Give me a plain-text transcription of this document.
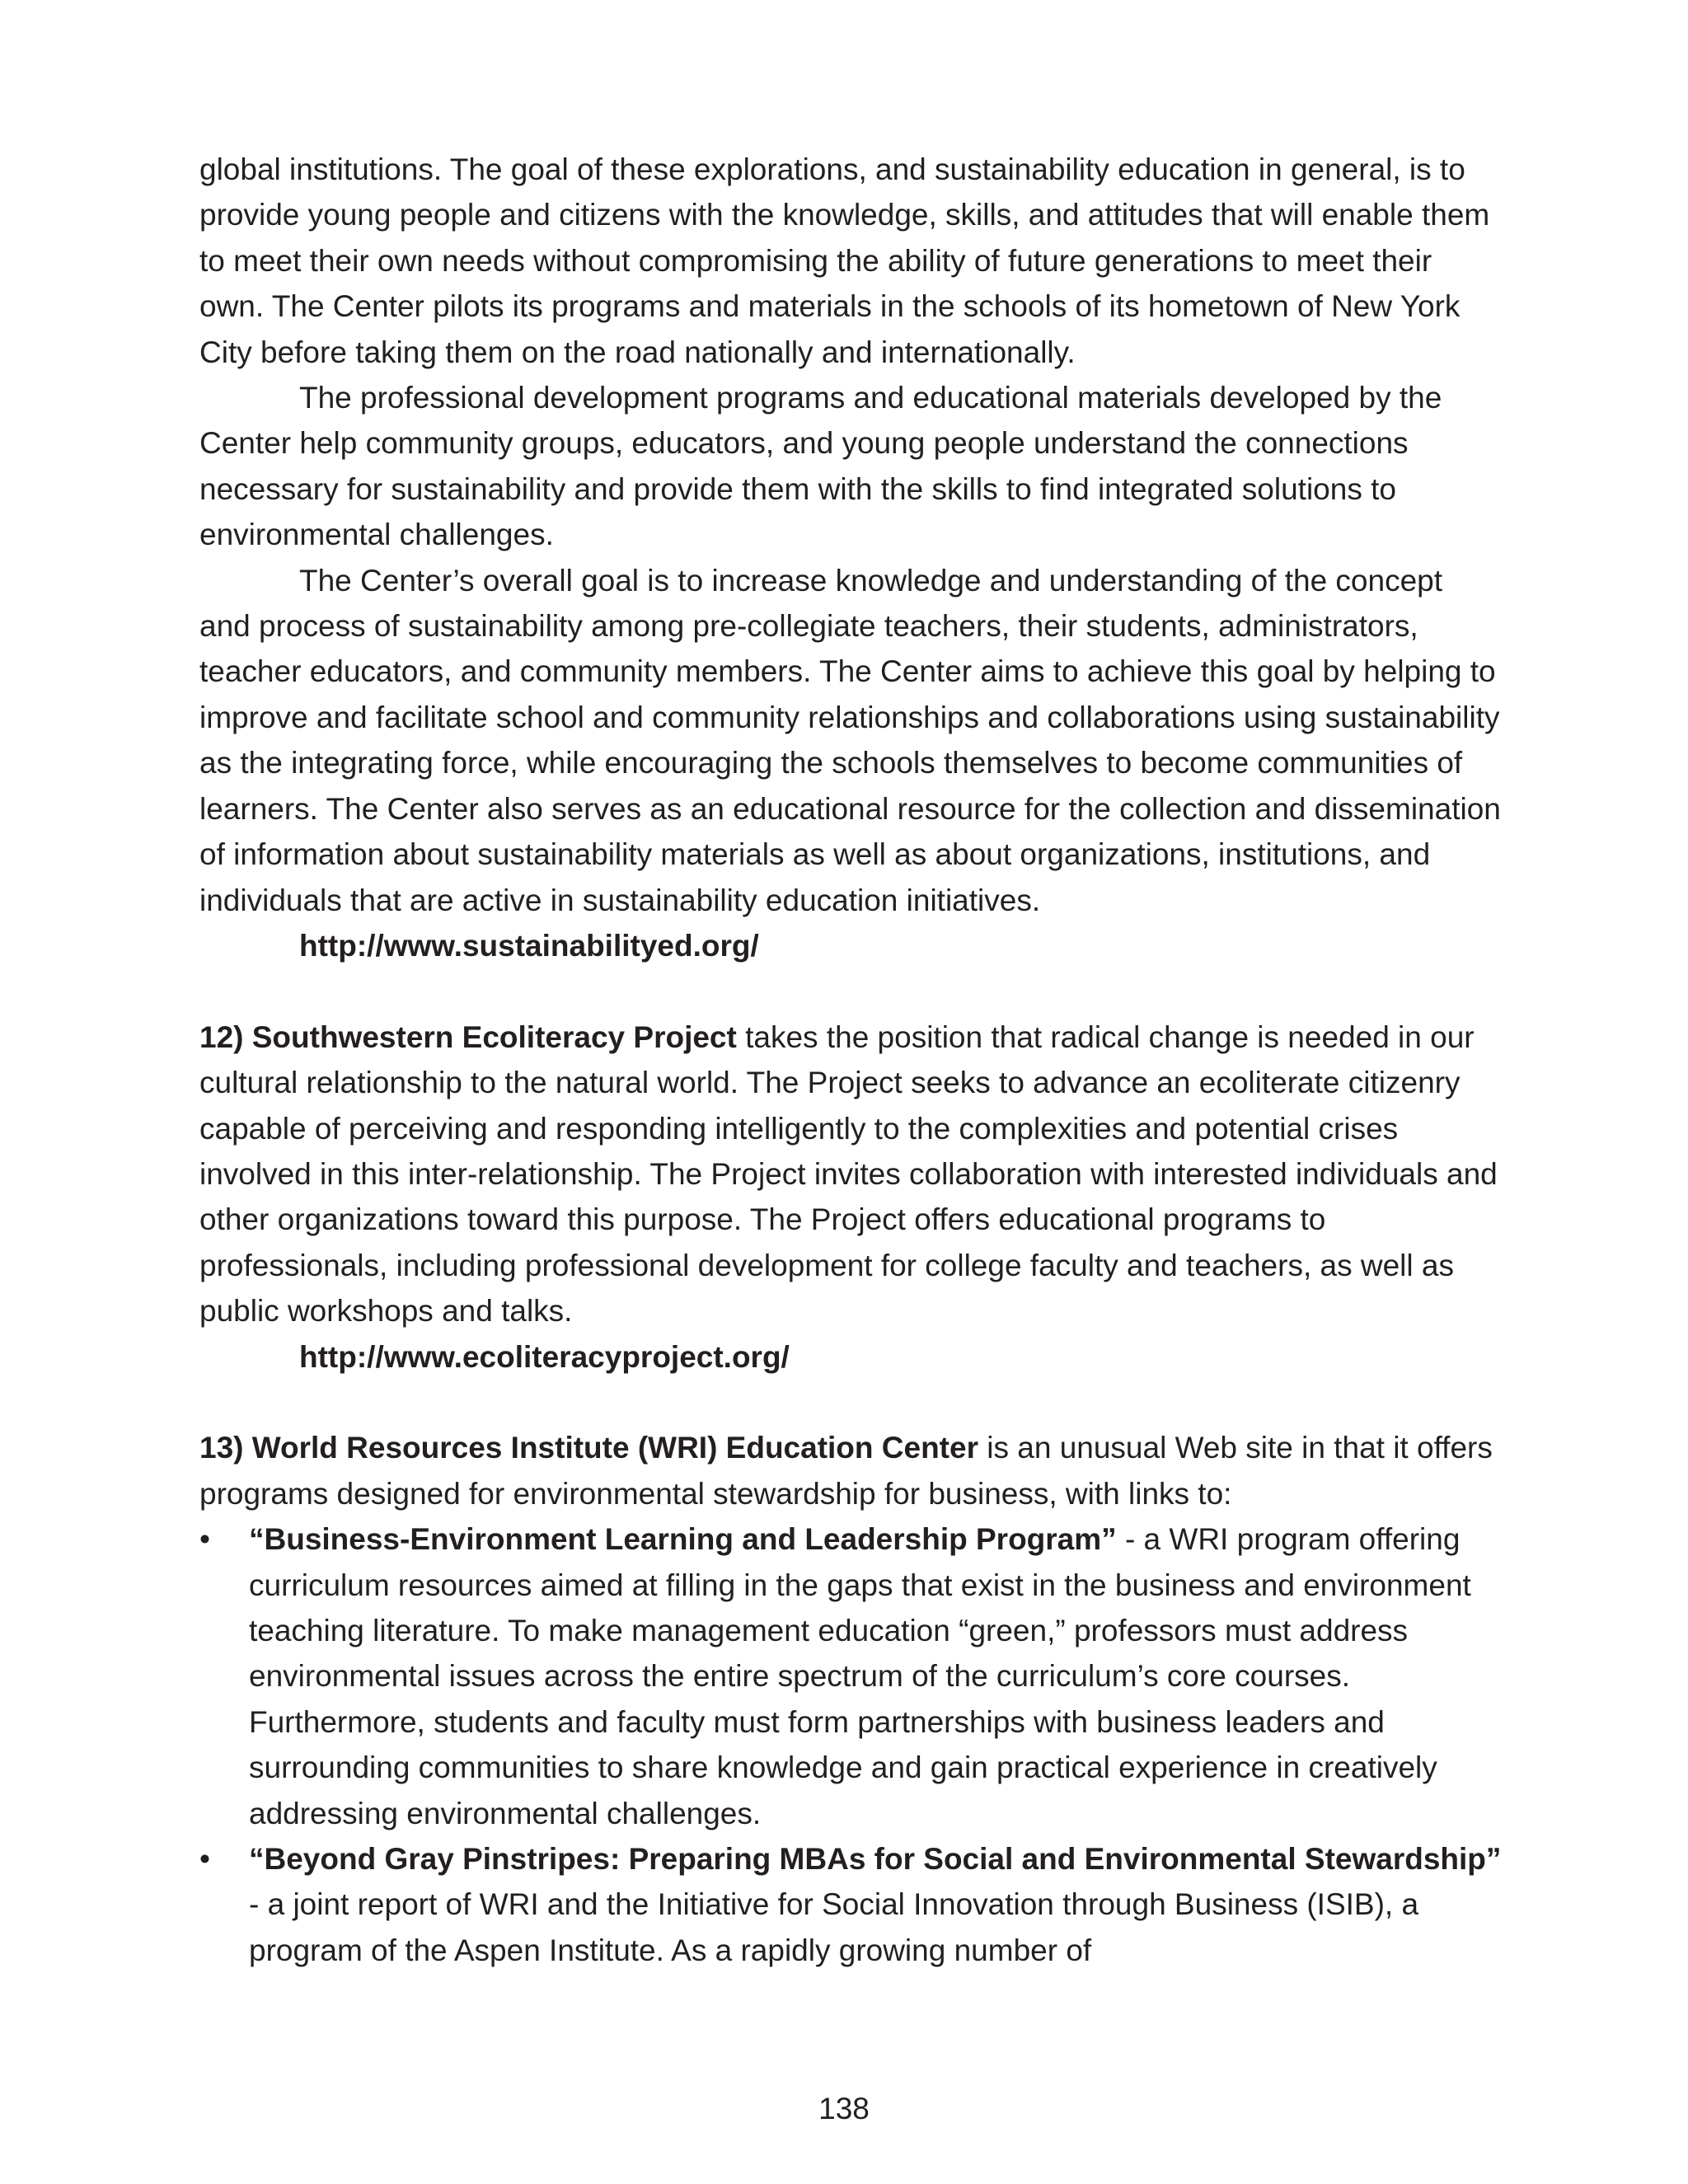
global institutions. The goal of these explorations, and sustainability education in general, is to provide young people and citizens with the knowledge, skills, and attitudes that will enable them to meet their own needs without compromising the ability of future generations to meet their own. The Center pilots its programs and materials in the schools of its hometown of New York City before taking them on the road nationally and internationally.

The professional development programs and educational materials developed by the Center help community groups, educators, and young people understand the connections necessary for sustainability and provide them with the skills to find integrated solutions to environmental challenges.

The Center’s overall goal is to increase knowledge and understanding of the concept and process of sustainability among pre-collegiate teachers, their students, administrators, teacher educators, and community members. The Center aims to achieve this goal by helping to improve and facilitate school and community relationships and collaborations using sustainability as the integrating force, while encouraging the schools themselves to become communities of learners. The Center also serves as an educational resource for the collection and dissemination of information about sustainability materials as well as about organizations, institutions, and individuals that are active in sustainability education initiatives.

http://www.sustainabilityed.org/

12) Southwestern Ecoliteracy Project takes the position that radical change is needed in our cultural relationship to the natural world. The Project seeks to advance an ecoliterate citizenry capable of perceiving and responding intelligently to the complexities and potential crises involved in this inter-relationship. The Project invites collaboration with interested individuals and other organizations toward this purpose. The Project offers educational programs to professionals, including professional development for college faculty and teachers, as well as public workshops and talks.

http://www.ecoliteracyproject.org/

13) World Resources Institute (WRI) Education Center is an unusual Web site in that it offers programs designed for environmental stewardship for business, with links to:

• “Business-Environment Learning and Leadership Program” - a WRI program offering curriculum resources aimed at filling in the gaps that exist in the business and environment teaching literature. To make management education “green,” professors must address environmental issues across the entire spectrum of the curriculum’s core courses. Furthermore, students and faculty must form partnerships with business leaders and surrounding communities to share knowledge and gain practical experience in creatively addressing environmental challenges.
• “Beyond Gray Pinstripes: Preparing MBAs for Social and Environmental Stewardship” - a joint report of WRI and the Initiative for Social Innovation through Business (ISIB), a program of the Aspen Institute. As a rapidly growing number of
138
